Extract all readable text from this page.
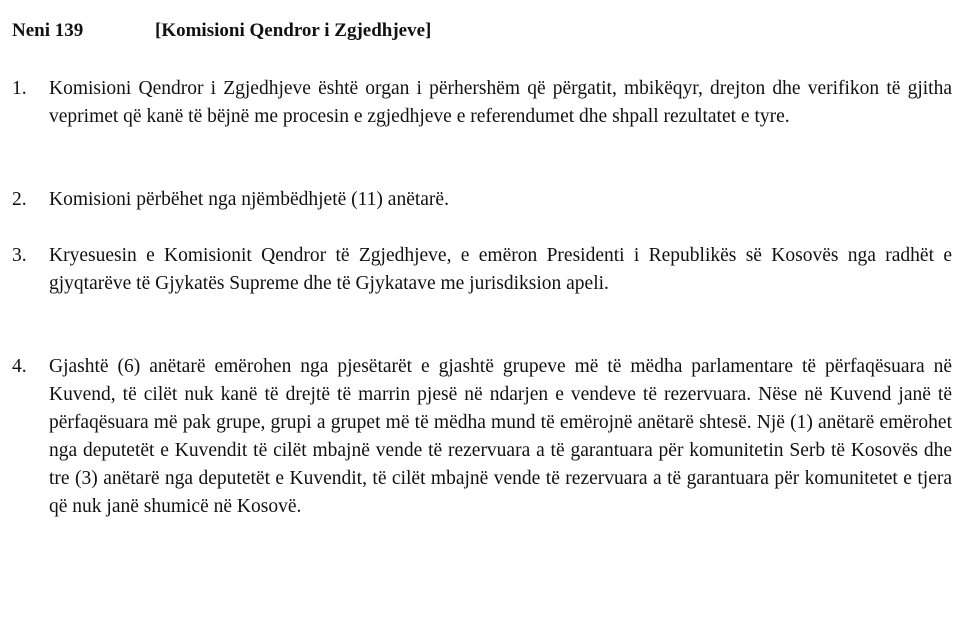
Neni 139	[Komisioni Qendror i Zgjedhjeve]
1. Komisioni Qendror i Zgjedhjeve është organ i përhershëm që përgatit, mbikëqyr, drejton dhe verifikon të gjitha veprimet që kanë të bëjnë me procesin e zgjedhjeve e referendumet dhe shpall rezultatet e tyre.
2. Komisioni përbëhet nga njëmbëdhjetë (11) anëtarë.
3. Kryesuesin e Komisionit Qendror të Zgjedhjeve, e emëron Presidenti i Republikës së Kosovës nga radhët e gjyqtarëve të Gjykatës Supreme dhe të Gjykatave me jurisdiksion apeli.
4. Gjashtë (6) anëtarë emërohen nga pjesëtarët e gjashtë grupeve më të mëdha parlamentare të përfaqësuara në Kuvend, të cilët nuk kanë të drejtë të marrin pjesë në ndarjen e vendeve të rezervuara. Nëse në Kuvend janë të përfaqësuara më pak grupe, grupi a grupet më të mëdha mund të emërojnë anëtarë shtesë. Një (1) anëtarë emërohet nga deputetët e Kuvendit të cilët mbajnë vende të rezervuara a të garantuara për komunitetin Serb të Kosovës dhe tre (3) anëtarë nga deputetët e Kuvendit, të cilët mbajnë vende të rezervuara a të garantuara për komunitetet e tjera që nuk janë shumicë në Kosovë.
